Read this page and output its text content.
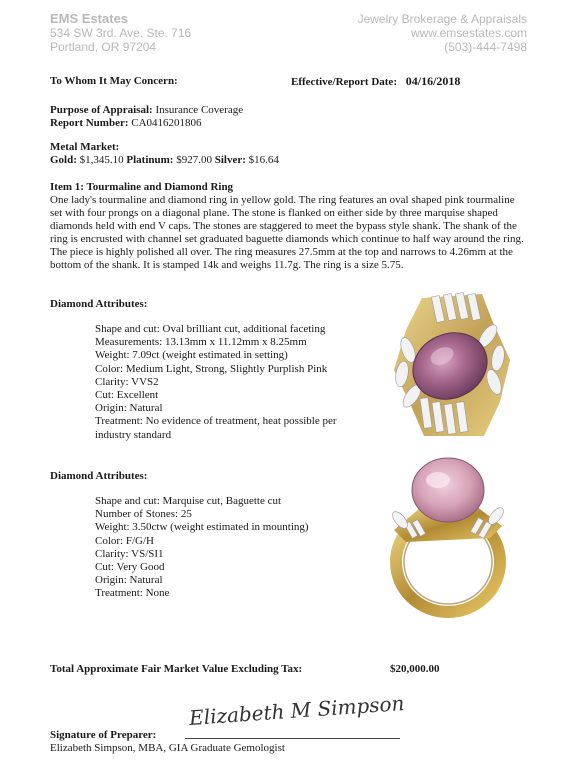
EMS Estates
534 SW 3rd. Ave. Ste. 716
Portland, OR 97204
Jewelry Brokerage & Appraisals
www.emsestates.com
(503)-444-7498
To Whom It May Concern:	Effective/Report Date: 04/16/2018
Purpose of Appraisal: Insurance Coverage
Report Number: CA0416201806
Metal Market:
Gold: $1,345.10 Platinum: $927.00 Silver: $16.64
Item 1: Tourmaline and Diamond Ring
One lady's tourmaline and diamond ring in yellow gold. The ring features an oval shaped pink tourmaline set with four prongs on a diagonal plane. The stone is flanked on either side by three marquise shaped diamonds held with end V caps. The stones are staggered to meet the bypass style shank. The shank of the ring is encrusted with channel set graduated baguette diamonds which continue to half way around the ring. The piece is highly polished all over. The ring measures 27.5mm at the top and narrows to 4.26mm at the bottom of the shank. It is stamped 14k and weighs 11.7g. The ring is a size 5.75.
Diamond Attributes:
Shape and cut: Oval brilliant cut, additional faceting
Measurements: 13.13mm x 11.12mm x 8.25mm
Weight: 7.09ct (weight estimated in setting)
Color: Medium Light, Strong, Slightly Purplish Pink
Clarity: VVS2
Cut: Excellent
Origin: Natural
Treatment: No evidence of treatment, heat possible per
industry standard
Diamond Attributes:
Shape and cut: Marquise cut, Baguette cut
Number of Stones: 25
Weight: 3.50ctw (weight estimated in mounting)
Color: F/G/H
Clarity: VS/SI1
Cut: Very Good
Origin: Natural
Treatment: None
Total Approximate Fair Market Value Excluding Tax:	$20,000.00
Signature of Preparer:
Elizabeth M Simpson
Elizabeth Simpson, MBA, GIA Graduate Gemologist
